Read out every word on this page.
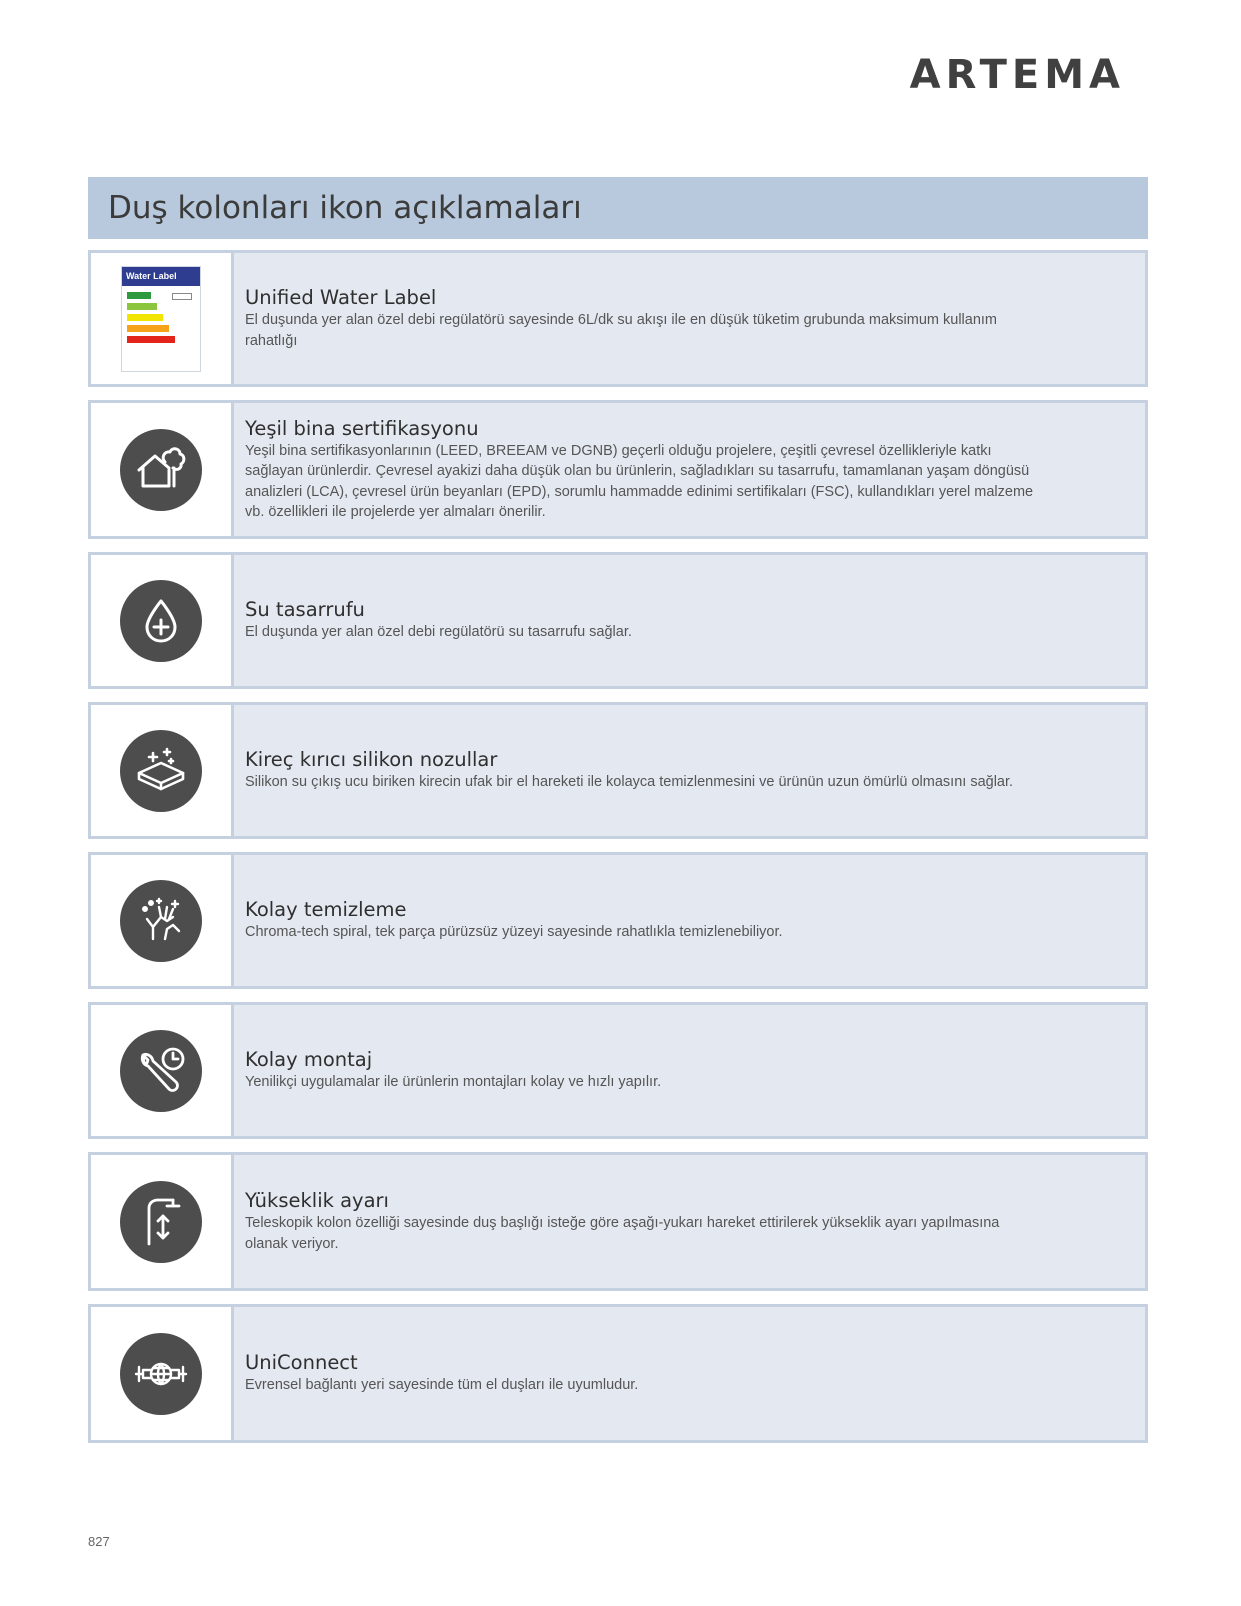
ARTEMA
Duş kolonları ikon açıklamaları
Water Label

Unified Water Label

El duşunda yer alan özel debi regülatörü sayesinde 6L/dk su akışı ile en düşük tüketim grubunda maksimum kullanım rahatlığı

Yeşil bina sertifikasyonu

Yeşil bina sertifikasyonlarının (LEED, BREEAM ve DGNB) geçerli olduğu projelere, çeşitli çevresel özellikleriyle katkı sağlayan ürünlerdir. Çevresel ayakizi daha düşük olan bu ürünlerin, sağladıkları su tasarrufu, tamamlanan yaşam döngüsü analizleri (LCA), çevresel ürün beyanları (EPD), sorumlu hammadde edinimi sertifikaları (FSC), kullandıkları yerel malzeme vb. özellikleri ile projelerde yer almaları önerilir.

Su tasarrufu

El duşunda yer alan özel debi regülatörü su tasarrufu sağlar.

Kireç kırıcı silikon nozullar

Silikon su çıkış ucu biriken kirecin ufak bir el hareketi ile kolayca temizlenmesini ve ürünün uzun ömürlü olmasını sağlar.

Kolay temizleme

Chroma-tech spiral, tek parça pürüzsüz yüzeyi sayesinde rahatlıkla temizlenebiliyor.

Kolay montaj

Yenilikçi uygulamalar ile ürünlerin montajları kolay ve hızlı yapılır.

Yükseklik ayarı

Teleskopik kolon özelliği sayesinde duş başlığı isteğe göre aşağı-yukarı hareket ettirilerek yükseklik ayarı yapılmasına olanak veriyor.

UniConnect

Evrensel bağlantı yeri sayesinde tüm el duşları ile uyumludur.

827
